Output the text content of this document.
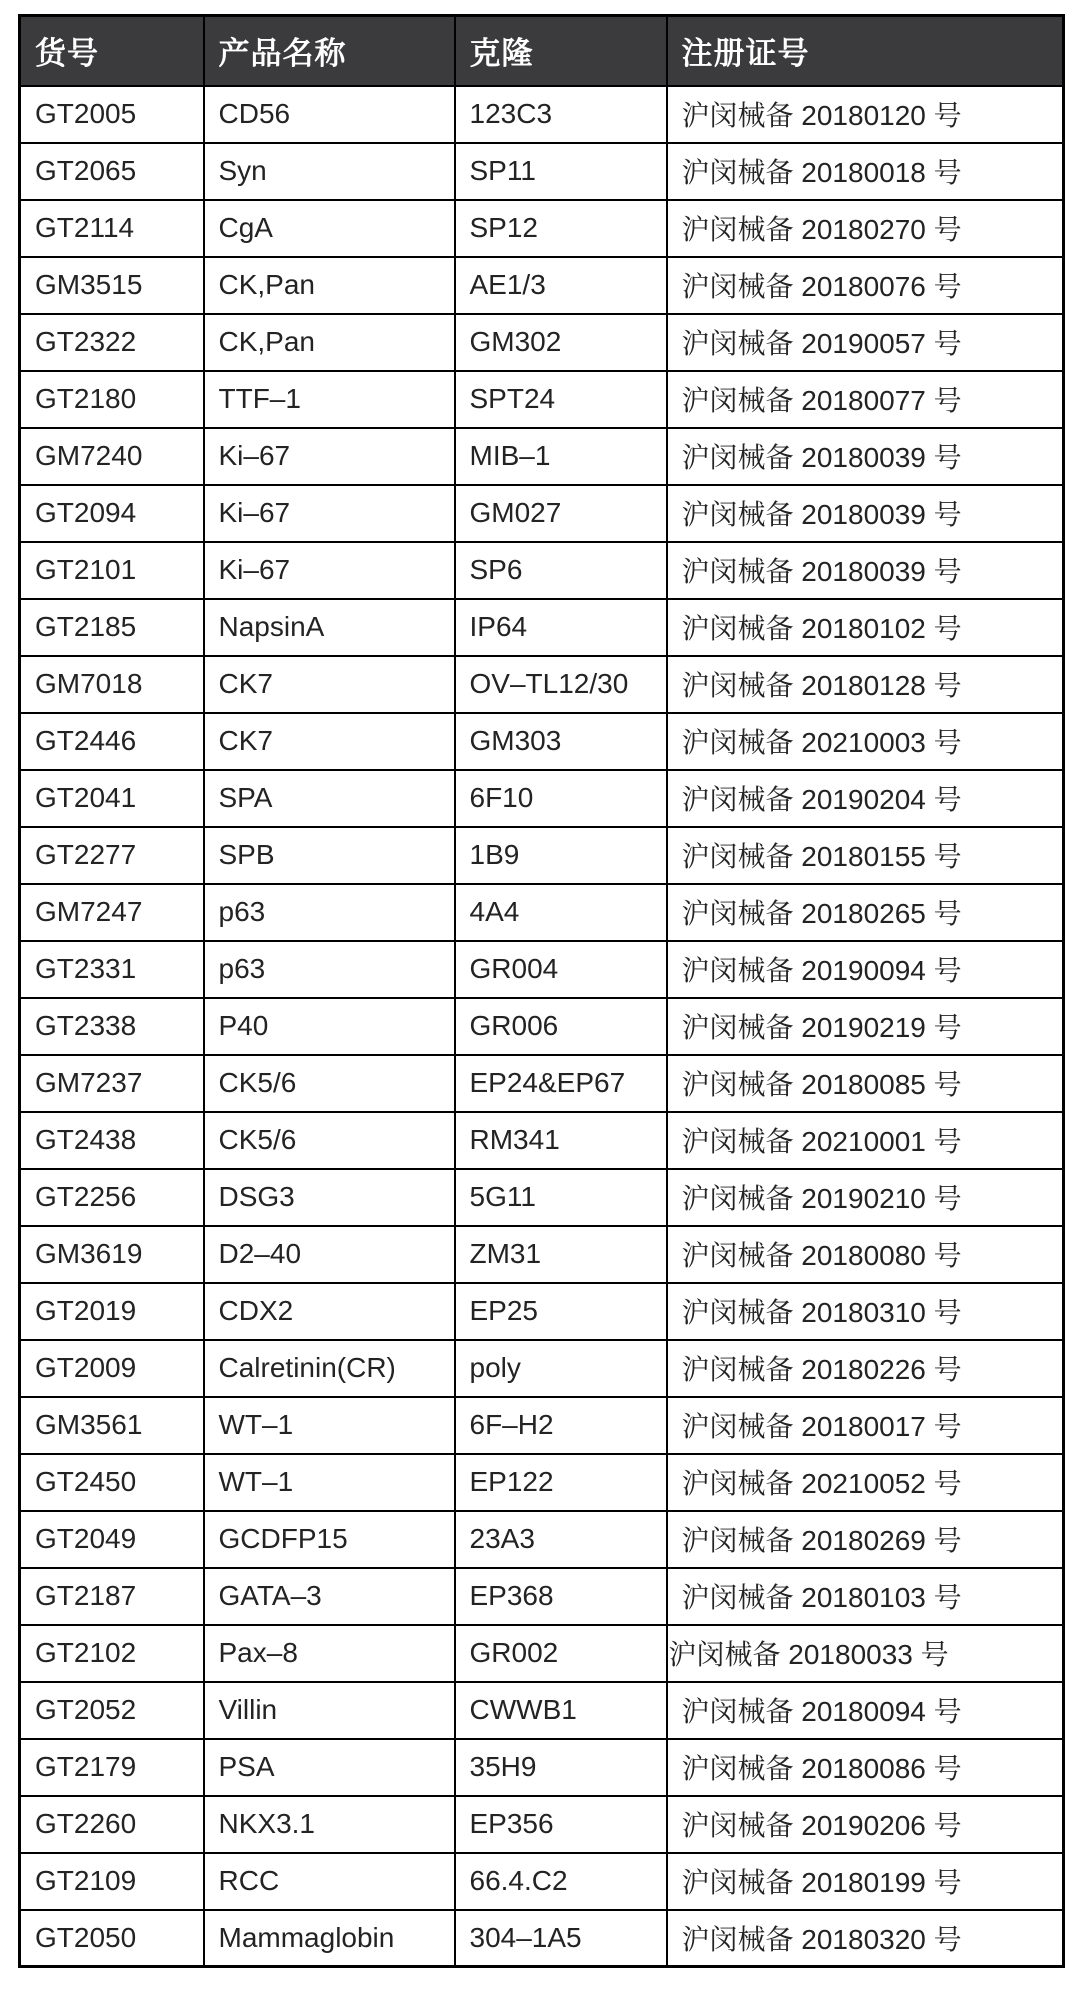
货号	产品名称	克隆	注册证号
GT2005	CD56	123C3	沪闵械备 20180120 号
GT2065	Syn	SP11	沪闵械备 20180018 号
GT2114	CgA	SP12	沪闵械备 20180270 号
GM3515	CK,Pan	AE1/3	沪闵械备 20180076 号
GT2322	CK,Pan	GM302	沪闵械备 20190057 号
GT2180	TTF–1	SPT24	沪闵械备 20180077 号
GM7240	Ki–67	MIB–1	沪闵械备 20180039 号
GT2094	Ki–67	GM027	沪闵械备 20180039 号
GT2101	Ki–67	SP6	沪闵械备 20180039 号
GT2185	NapsinA	IP64	沪闵械备 20180102 号
GM7018	CK7	OV–TL12/30	沪闵械备 20180128 号
GT2446	CK7	GM303	沪闵械备 20210003 号
GT2041	SPA	6F10	沪闵械备 20190204 号
GT2277	SPB	1B9	沪闵械备 20180155 号
GM7247	p63	4A4	沪闵械备 20180265 号
GT2331	p63	GR004	沪闵械备 20190094 号
GT2338	P40	GR006	沪闵械备 20190219 号
GM7237	CK5/6	EP24&EP67	沪闵械备 20180085 号
GT2438	CK5/6	RM341	沪闵械备 20210001 号
GT2256	DSG3	5G11	沪闵械备 20190210 号
GM3619	D2–40	ZM31	沪闵械备 20180080 号
GT2019	CDX2	EP25	沪闵械备 20180310 号
GT2009	Calretinin(CR)	poly	沪闵械备 20180226 号
GM3561	WT–1	6F–H2	沪闵械备 20180017 号
GT2450	WT–1	EP122	沪闵械备 20210052 号
GT2049	GCDFP15	23A3	沪闵械备 20180269 号
GT2187	GATA–3	EP368	沪闵械备 20180103 号
GT2102	Pax–8	GR002	沪闵械备 20180033 号
GT2052	Villin	CWWB1	沪闵械备 20180094 号
GT2179	PSA	35H9	沪闵械备 20180086 号
GT2260	NKX3.1	EP356	沪闵械备 20190206 号
GT2109	RCC	66.4.C2	沪闵械备 20180199 号
GT2050	Mammaglobin	304–1A5	沪闵械备 20180320 号
